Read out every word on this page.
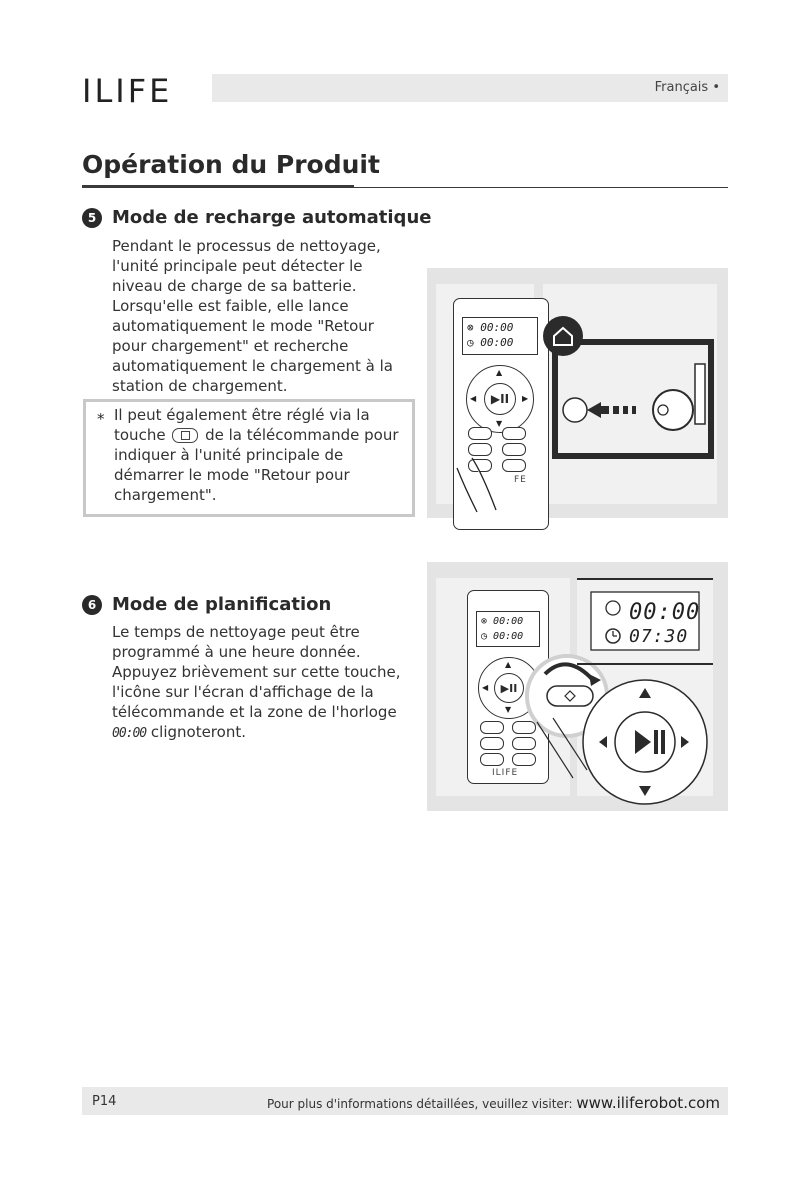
ILIFE	Français •
Opération du Produit
5 Mode de recharge automatique

Pendant le processus de nettoyage,

l'unité principale peut détecter le

niveau de charge de sa batterie.

Lorsqu'elle est faible, elle lance

automatiquement le mode "Retour

pour chargement" et recherche

automatiquement le chargement à la

station de chargement.

* Il peut également être réglé via la
touche	de la télécommande pour
indiquer à l'unité principale de
démarrer le mode "Retour pour
chargement".
⊗ 00:00
◷ 00:00
▶II
▲
▼
◀	▶
FE
6 Mode de planification

Le temps de nettoyage peut être

programmé à une heure donnée.

Appuyez brièvement sur cette touche,

l'icône sur l'écran d'affichage de la

télécommande et la zone de l'horloge

00:00 clignoteront.

⊗ 00:00
◷ 00:00
▶II
▲
▼
◀
ILIFE
00:00
07:30
P14	Pour plus d'informations détaillées, veuillez visiter: www.iliferobot.com
